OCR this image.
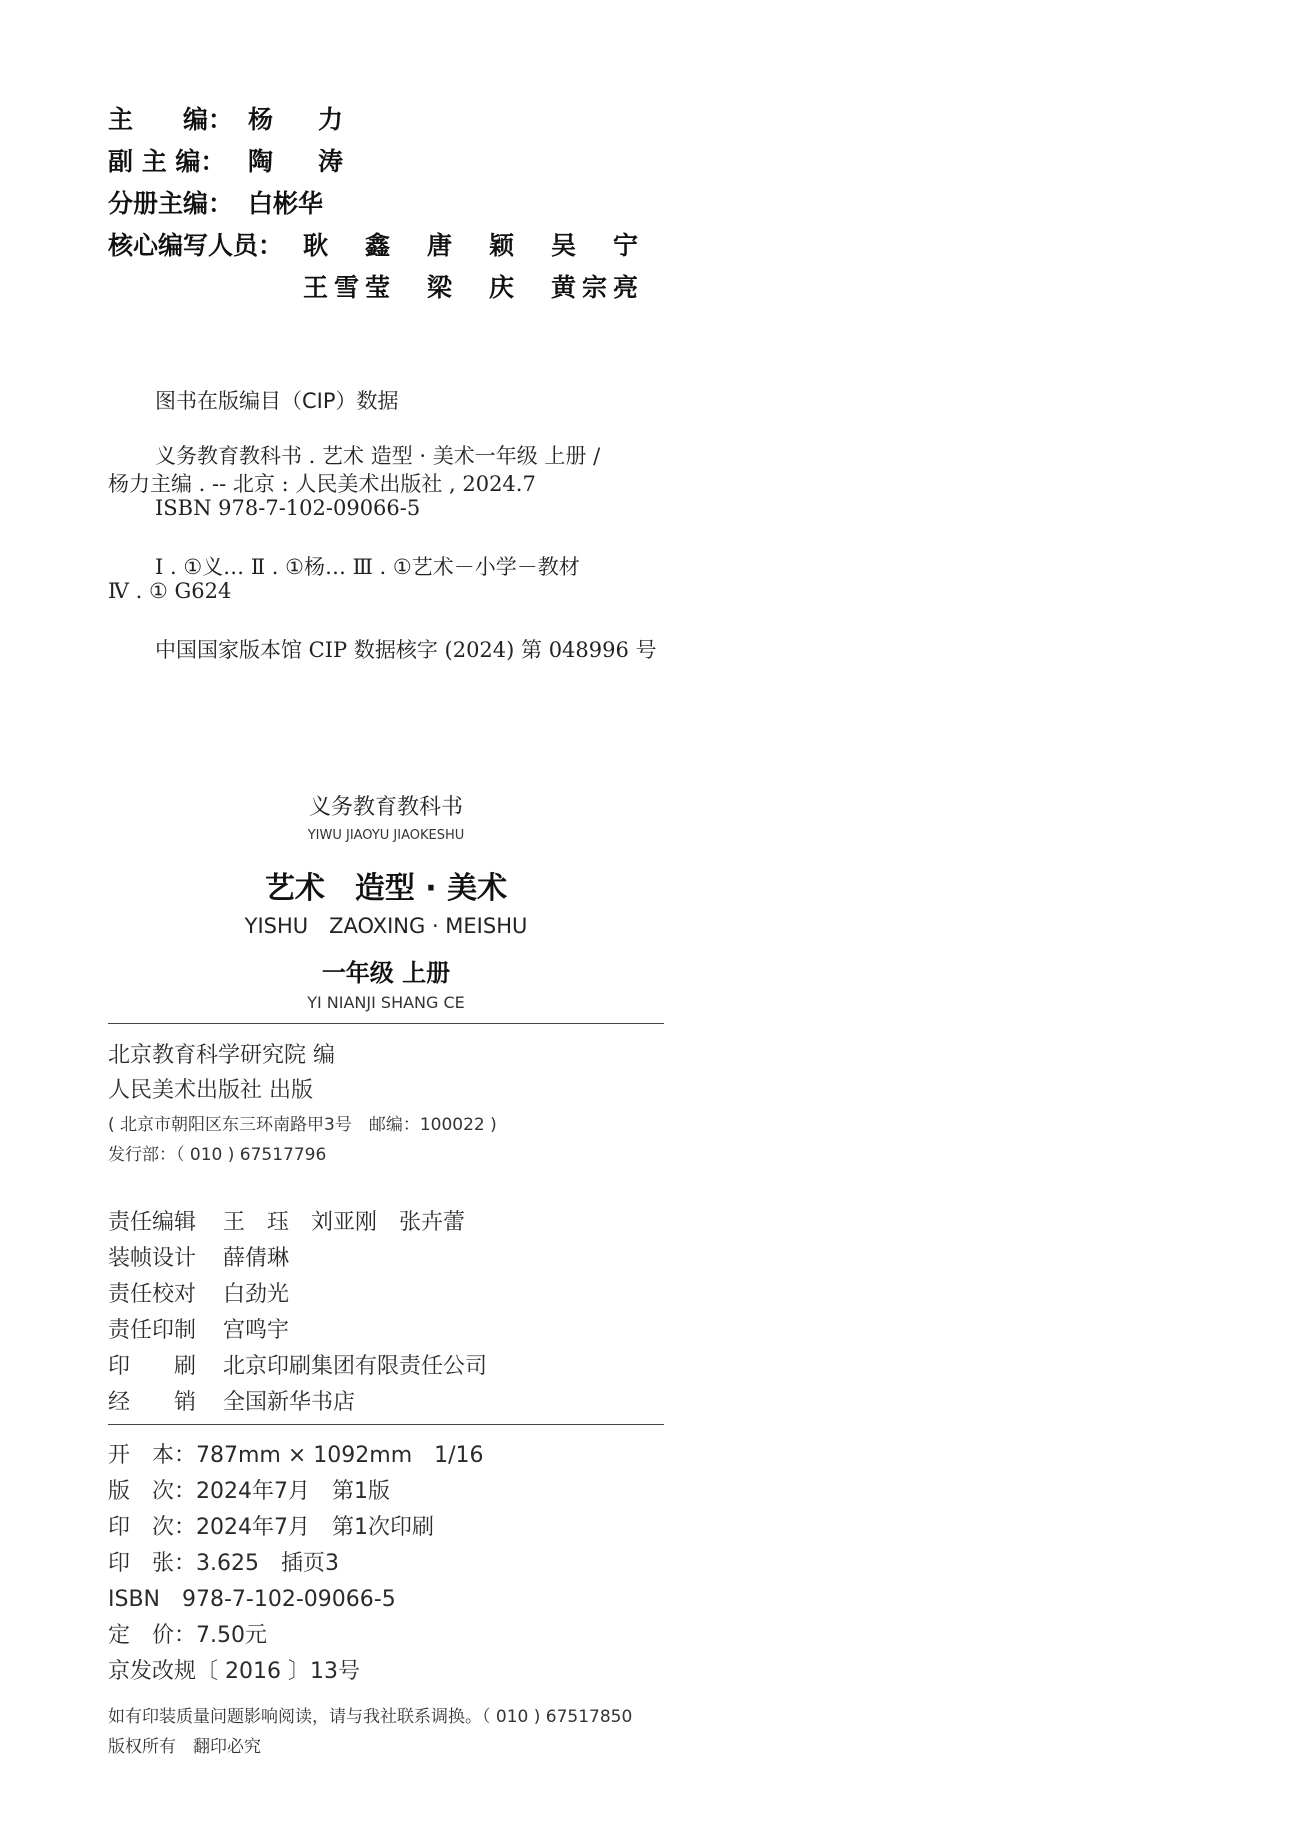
主　　编： 杨　力
副 主 编： 陶　涛
分册主编： 白彬华
核心编写人员： 耿　鑫　唐　颖　吴　宁
王雪莹　梁　庆　黄宗亮
图书在版编目（CIP）数据
义务教育教科书 . 艺术 造型 · 美术一年级 上册 /
杨力主编 . -- 北京 : 人民美术出版社 , 2024.7
ISBN 978-7-102-09066-5
Ⅰ . ①义… Ⅱ . ①杨… Ⅲ . ①艺术－小学－教材
Ⅳ . ① G624
中国国家版本馆 CIP 数据核字 (2024) 第 048996 号
义务教育教科书
YIWU JIAOYU JIAOKESHU
艺术　造型 · 美术
YISHU　ZAOXING · MEISHU
一年级 上册
YI NIANJI SHANG CE
北京教育科学研究院 编
人民美术出版社 出版
( 北京市朝阳区东三环南路甲3号　邮编：100022 )
发行部：（ 010 ) 67517796
责任编辑	王　珏　刘亚刚　张卉蕾
装帧设计	薛倩琳
责任校对	白劲光
责任印制	宫鸣宇
印　　刷	北京印刷集团有限责任公司
经　　销	全国新华书店
开　本：787mm × 1092mm　1/16
版　次：2024年7月　第1版
印　次：2024年7月　第1次印刷
印　张：3.625　插页3
ISBN　978-7-102-09066-5
定　价：7.50元
京发改规〔 2016 〕13号
如有印装质量问题影响阅读，请与我社联系调换。（ 010 ) 67517850
版权所有　翻印必究
